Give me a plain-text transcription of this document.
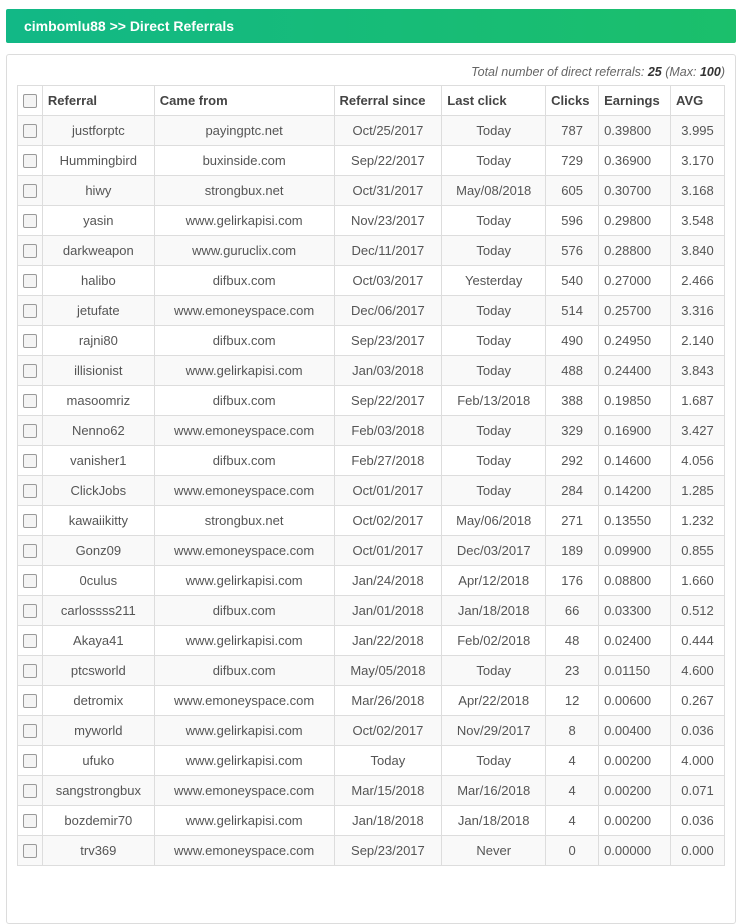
cimbomlu88 >> Direct Referrals
Total number of direct referrals: 25 (Max: 100)
	Referral	Came from	Referral since	Last click	Clicks	Earnings	AVG
	justforptc	payingptc.net	Oct/25/2017	Today	787	0.39800	3.995
	Hummingbird	buxinside.com	Sep/22/2017	Today	729	0.36900	3.170
	hiwy	strongbux.net	Oct/31/2017	May/08/2018	605	0.30700	3.168
	yasin	www.gelirkapisi.com	Nov/23/2017	Today	596	0.29800	3.548
	darkweapon	www.guruclix.com	Dec/11/2017	Today	576	0.28800	3.840
	halibo	difbux.com	Oct/03/2017	Yesterday	540	0.27000	2.466
	jetufate	www.emoneyspace.com	Dec/06/2017	Today	514	0.25700	3.316
	rajni80	difbux.com	Sep/23/2017	Today	490	0.24950	2.140
	illisionist	www.gelirkapisi.com	Jan/03/2018	Today	488	0.24400	3.843
	masoomriz	difbux.com	Sep/22/2017	Feb/13/2018	388	0.19850	1.687
	Nenno62	www.emoneyspace.com	Feb/03/2018	Today	329	0.16900	3.427
	vanisher1	difbux.com	Feb/27/2018	Today	292	0.14600	4.056
	ClickJobs	www.emoneyspace.com	Oct/01/2017	Today	284	0.14200	1.285
	kawaiikitty	strongbux.net	Oct/02/2017	May/06/2018	271	0.13550	1.232
	Gonz09	www.emoneyspace.com	Oct/01/2017	Dec/03/2017	189	0.09900	0.855
	0culus	www.gelirkapisi.com	Jan/24/2018	Apr/12/2018	176	0.08800	1.660
	carlossss211	difbux.com	Jan/01/2018	Jan/18/2018	66	0.03300	0.512
	Akaya41	www.gelirkapisi.com	Jan/22/2018	Feb/02/2018	48	0.02400	0.444
	ptcsworld	difbux.com	May/05/2018	Today	23	0.01150	4.600
	detromix	www.emoneyspace.com	Mar/26/2018	Apr/22/2018	12	0.00600	0.267
	myworld	www.gelirkapisi.com	Oct/02/2017	Nov/29/2017	8	0.00400	0.036
	ufuko	www.gelirkapisi.com	Today	Today	4	0.00200	4.000
	sangstrongbux	www.emoneyspace.com	Mar/15/2018	Mar/16/2018	4	0.00200	0.071
	bozdemir70	www.gelirkapisi.com	Jan/18/2018	Jan/18/2018	4	0.00200	0.036
	trv369	www.emoneyspace.com	Sep/23/2017	Never	0	0.00000	0.000
